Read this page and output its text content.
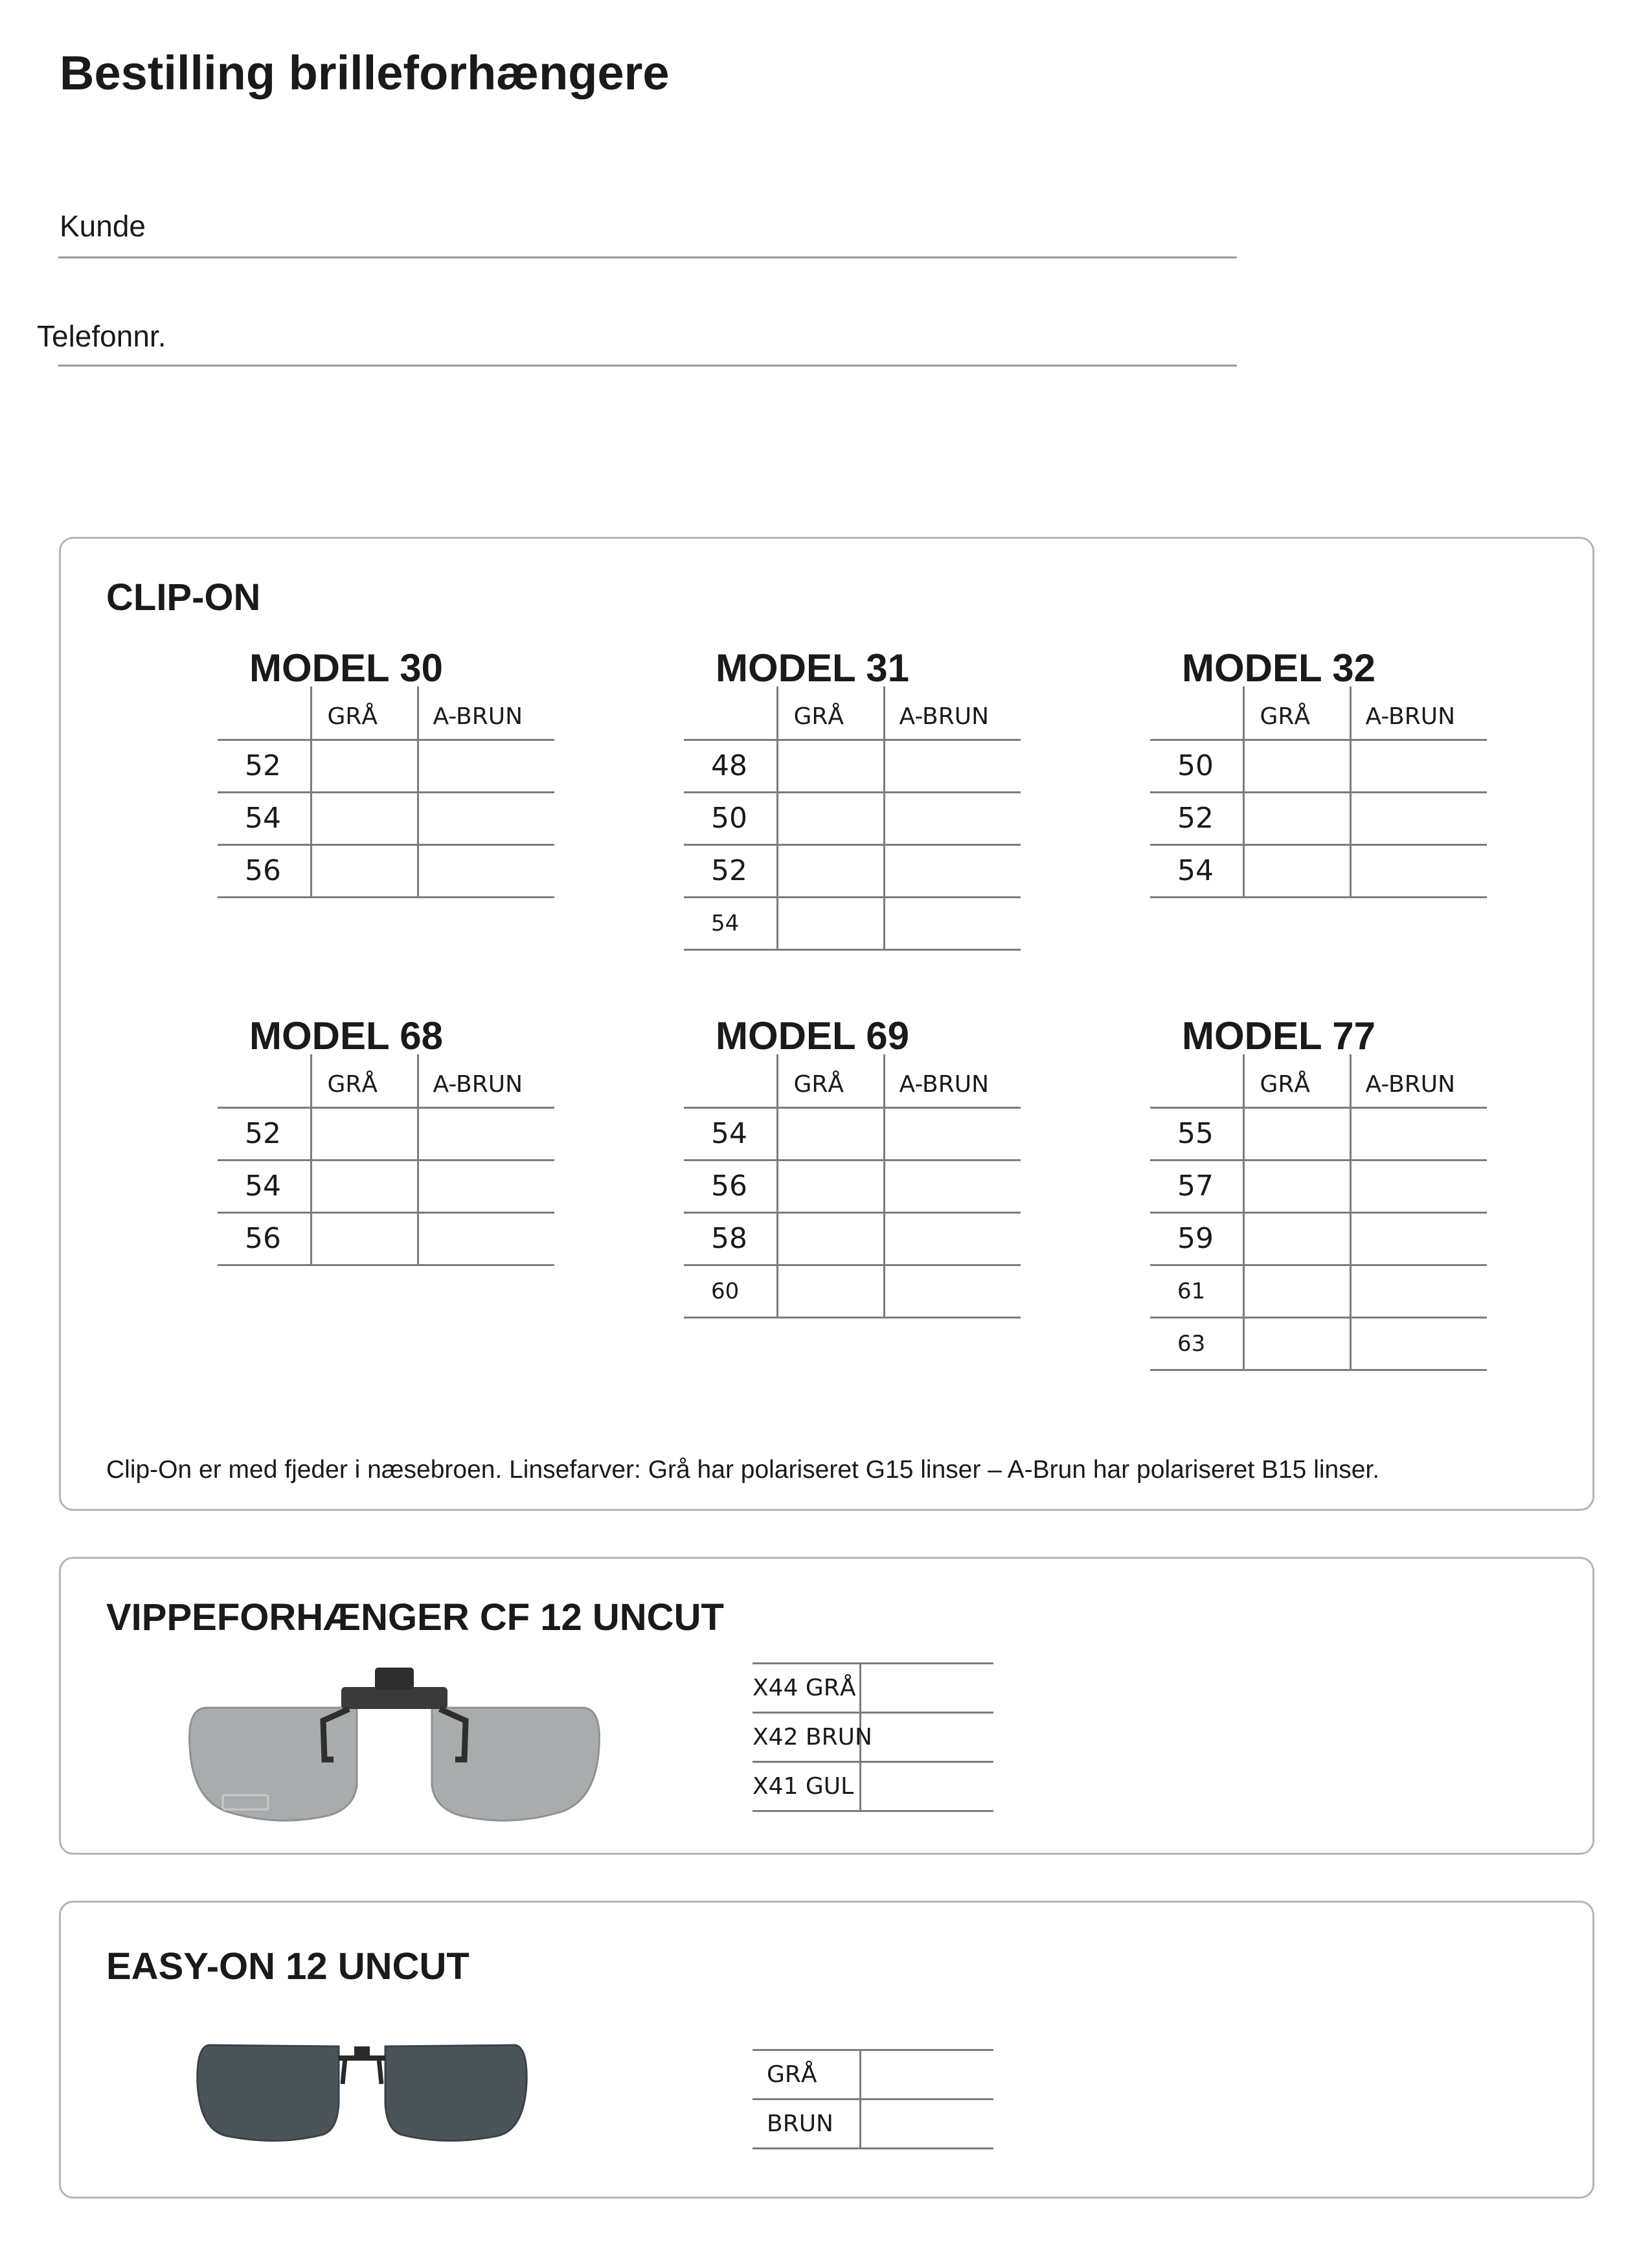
Bestilling brilleforhængere
Kunde
Telefonnr.
CLIP-ON
MODEL 30
	GRÅ	A-BRUN
52		
54		
56		
MODEL 31
	GRÅ	A-BRUN
48		
50		
52		
54		
MODEL 32
	GRÅ	A-BRUN
50		
52		
54		
MODEL 68
	GRÅ	A-BRUN
52		
54		
56		
MODEL 69
	GRÅ	A-BRUN
54		
56		
58		
60		
MODEL 77
	GRÅ	A-BRUN
55		
57		
59		
61		
63		
Clip-On er med fjeder i næsebroen. Linsefarver: Grå har polariseret G15 linser – A-Brun har polariseret B15 linser.
VIPPEFORHÆNGER CF 12 UNCUT
X44 GRÅ	
X42 BRUN	
X41 GUL	
EASY-ON 12 UNCUT
GRÅ	
BRUN	
